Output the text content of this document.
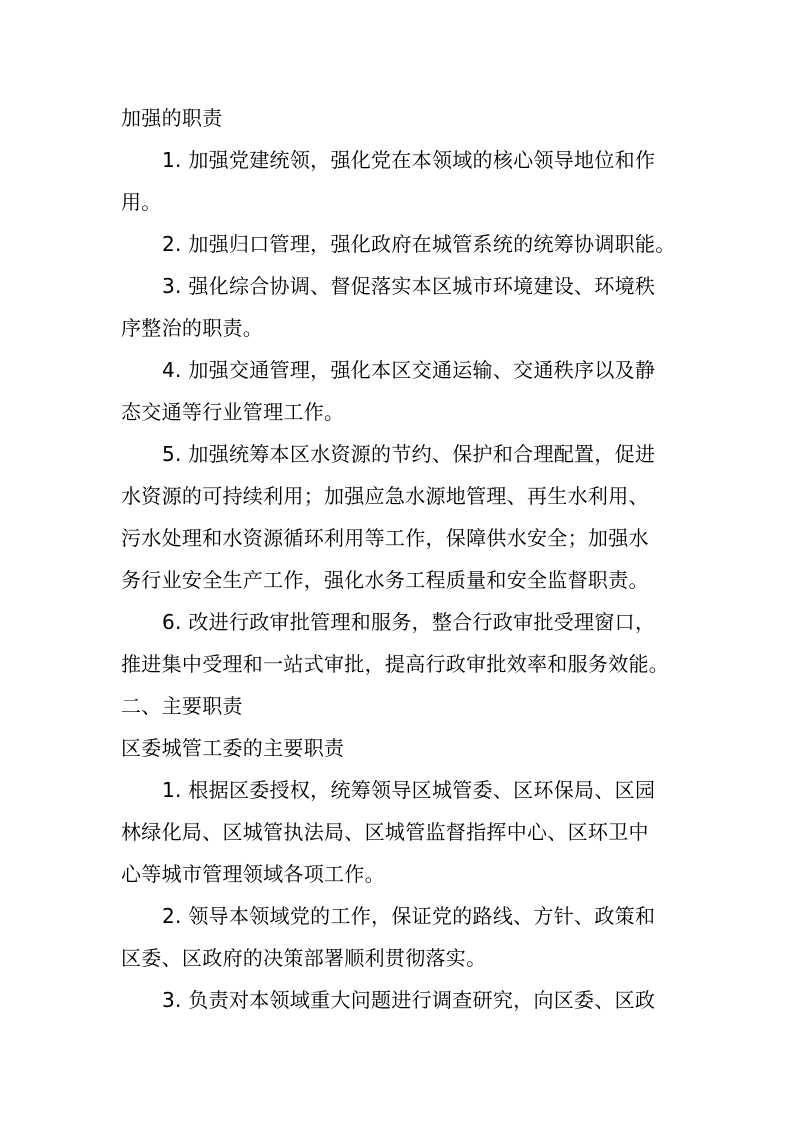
加强的职责
1. 加强党建统领，强化党在本领域的核心领导地位和作
用。
2. 加强归口管理，强化政府在城管系统的统筹协调职能。
3. 强化综合协调、督促落实本区城市环境建设、环境秩
序整治的职责。
4. 加强交通管理，强化本区交通运输、交通秩序以及静
态交通等行业管理工作。
5. 加强统筹本区水资源的节约、保护和合理配置，促进
水资源的可持续利用；加强应急水源地管理、再生水利用、
污水处理和水资源循环利用等工作，保障供水安全；加强水
务行业安全生产工作，强化水务工程质量和安全监督职责。
6. 改进行政审批管理和服务，整合行政审批受理窗口，
推进集中受理和一站式审批，提高行政审批效率和服务效能。
二、主要职责
区委城管工委的主要职责
1. 根据区委授权，统筹领导区城管委、区环保局、区园
林绿化局、区城管执法局、区城管监督指挥中心、区环卫中
心等城市管理领域各项工作。
2. 领导本领域党的工作，保证党的路线、方针、政策和
区委、区政府的决策部署顺利贯彻落实。
3. 负责对本领域重大问题进行调查研究，向区委、区政
